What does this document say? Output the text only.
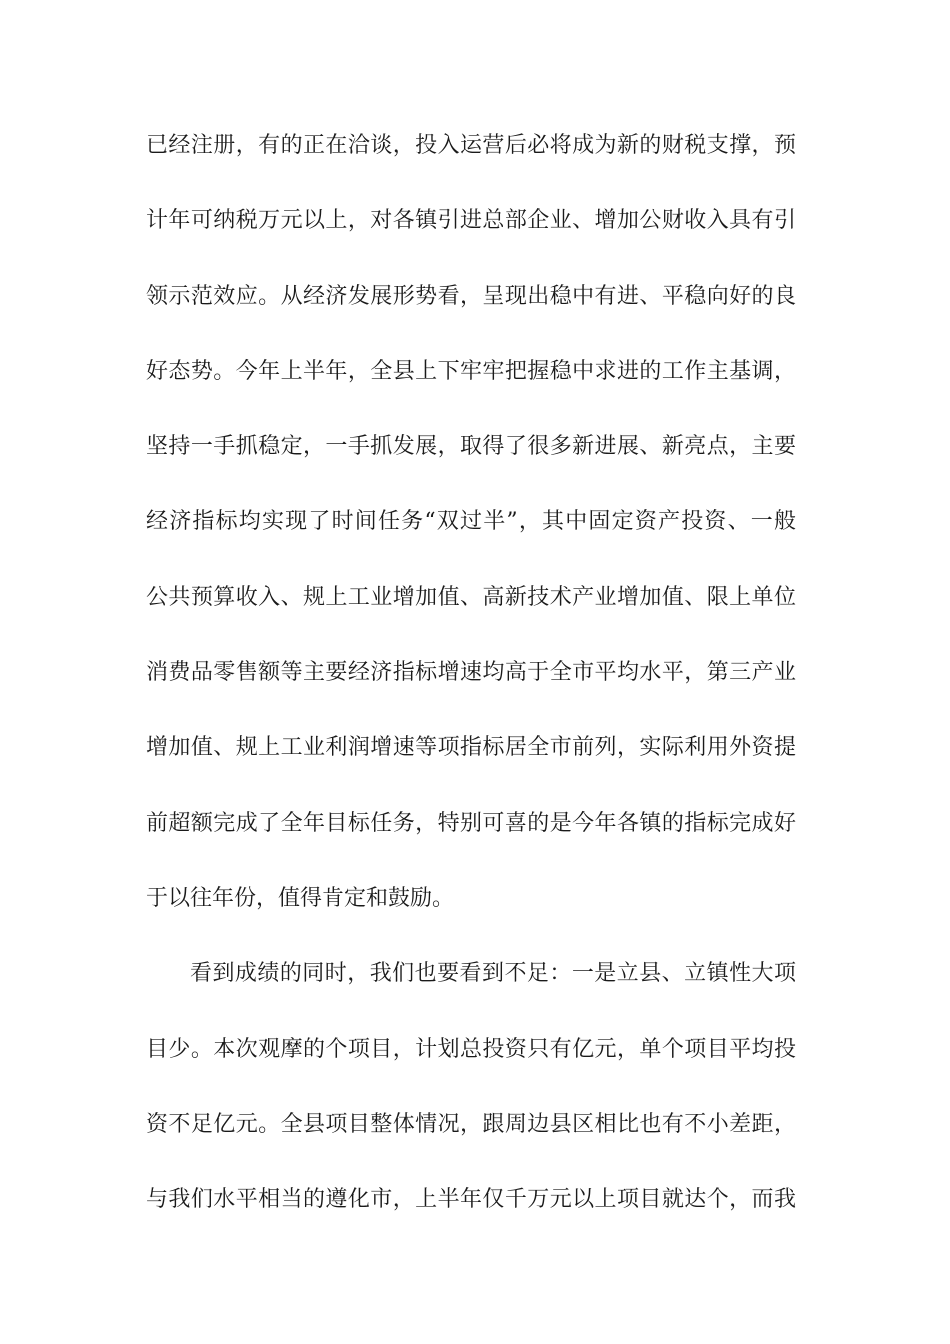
已经注册，有的正在洽谈，投入运营后必将成为新的财税支撑，预
计年可纳税万元以上，对各镇引进总部企业、增加公财收入具有引
领示范效应。从经济发展形势看，呈现出稳中有进、平稳向好的良
好态势。今年上半年，全县上下牢牢把握稳中求进的工作主基调，
坚持一手抓稳定，一手抓发展，取得了很多新进展、新亮点，主要
经济指标均实现了时间任务“双过半”，其中固定资产投资、一般
公共预算收入、规上工业增加值、高新技术产业增加值、限上单位
消费品零售额等主要经济指标增速均高于全市平均水平，第三产业
增加值、规上工业利润增速等项指标居全市前列，实际利用外资提
前超额完成了全年目标任务，特别可喜的是今年各镇的指标完成好
于以往年份，值得肯定和鼓励。
看到成绩的同时，我们也要看到不足：一是立县、立镇性大项
目少。本次观摩的个项目，计划总投资只有亿元，单个项目平均投
资不足亿元。全县项目整体情况，跟周边县区相比也有不小差距，
与我们水平相当的遵化市，上半年仅千万元以上项目就达个，而我
